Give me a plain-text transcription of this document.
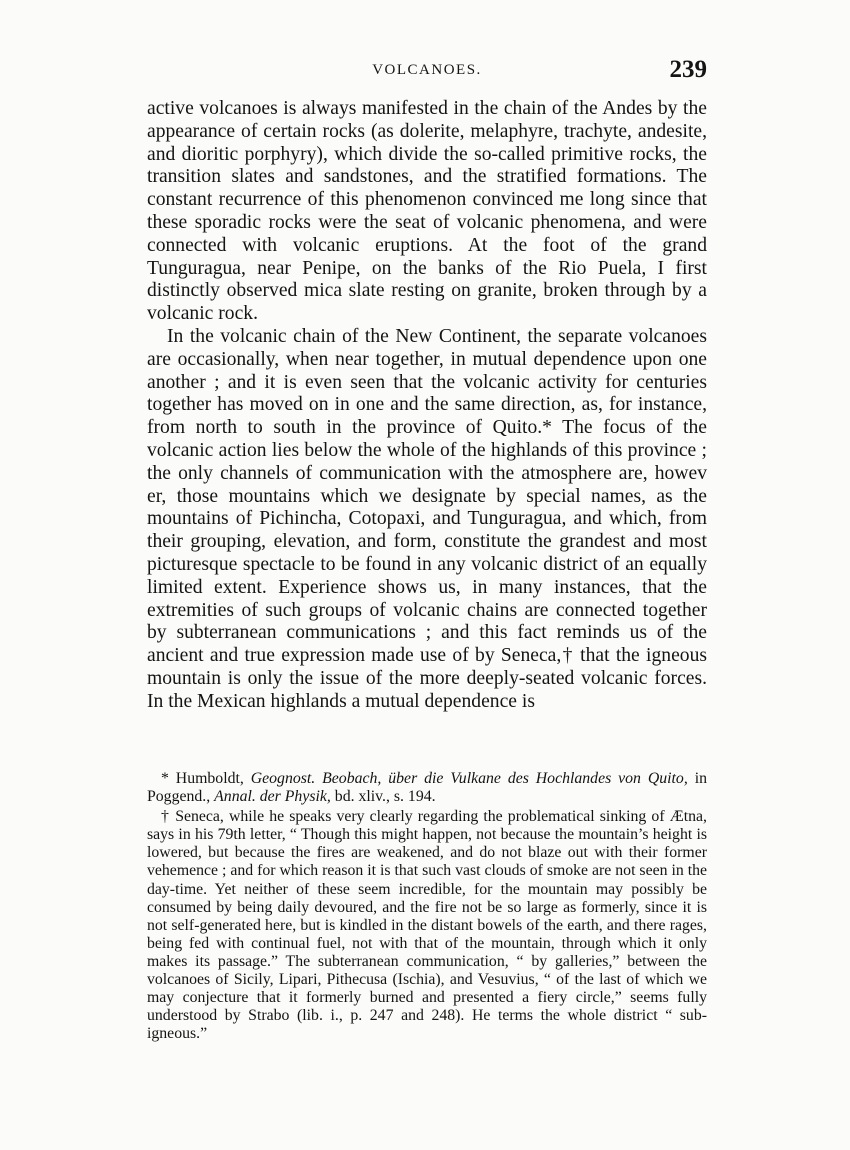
VOLCANOES.	239

active volcanoes is always manifested in the chain of the Andes by the appearance of certain rocks (as dolerite, melaphyre, trachyte, andesite, and dioritic porphyry), which divide the so-called primitive rocks, the transition slates and sandstones, and the stratified formations. The constant recurrence of this phenomenon convinced me long since that these sporadic rocks were the seat of volcanic phenomena, and were connected with volcanic eruptions. At the foot of the grand Tunguragua, near Penipe, on the banks of the Rio Puela, I first distinctly observed mica slate resting on granite, broken through by a volcanic rock.

In the volcanic chain of the New Continent, the separate volcanoes are occasionally, when near together, in mutual dependence upon one another ; and it is even seen that the volcanic activity for centuries together has moved on in one and the same direction, as, for instance, from north to south in the province of Quito.* The focus of the volcanic action lies below the whole of the highlands of this province ; the only channels of communication with the atmosphere are, howev er, those mountains which we designate by special names, as the mountains of Pichincha, Cotopaxi, and Tunguragua, and which, from their grouping, elevation, and form, constitute the grandest and most picturesque spectacle to be found in any volcanic district of an equally limited extent. Experience shows us, in many instances, that the extremities of such groups of volcanic chains are connected together by subterranean communications ; and this fact reminds us of the ancient and true expression made use of by Seneca,† that the igneous mountain is only the issue of the more deeply-seated volcanic forces. In the Mexican highlands a mutual dependence is

* Humboldt, Geognost. Beobach, über die Vulkane des Hochlandes von Quito, in Poggend., Annal. der Physik, bd. xliv., s. 194.

† Seneca, while he speaks very clearly regarding the problematical sinking of Ætna, says in his 79th letter, “ Though this might happen, not because the mountain’s height is lowered, but because the fires are weakened, and do not blaze out with their former vehemence ; and for which reason it is that such vast clouds of smoke are not seen in the day-time. Yet neither of these seem incredible, for the mountain may possibly be consumed by being daily devoured, and the fire not be so large as formerly, since it is not self-generated here, but is kindled in the distant bowels of the earth, and there rages, being fed with continual fuel, not with that of the mountain, through which it only makes its passage.” The subterranean communication, “ by galleries,” between the volcanoes of Sicily, Lipari, Pithecusa (Ischia), and Vesuvius, “ of the last of which we may conjecture that it formerly burned and presented a fiery circle,” seems fully understood by Strabo (lib. i., p. 247 and 248). He terms the whole district “ sub-igneous.”
